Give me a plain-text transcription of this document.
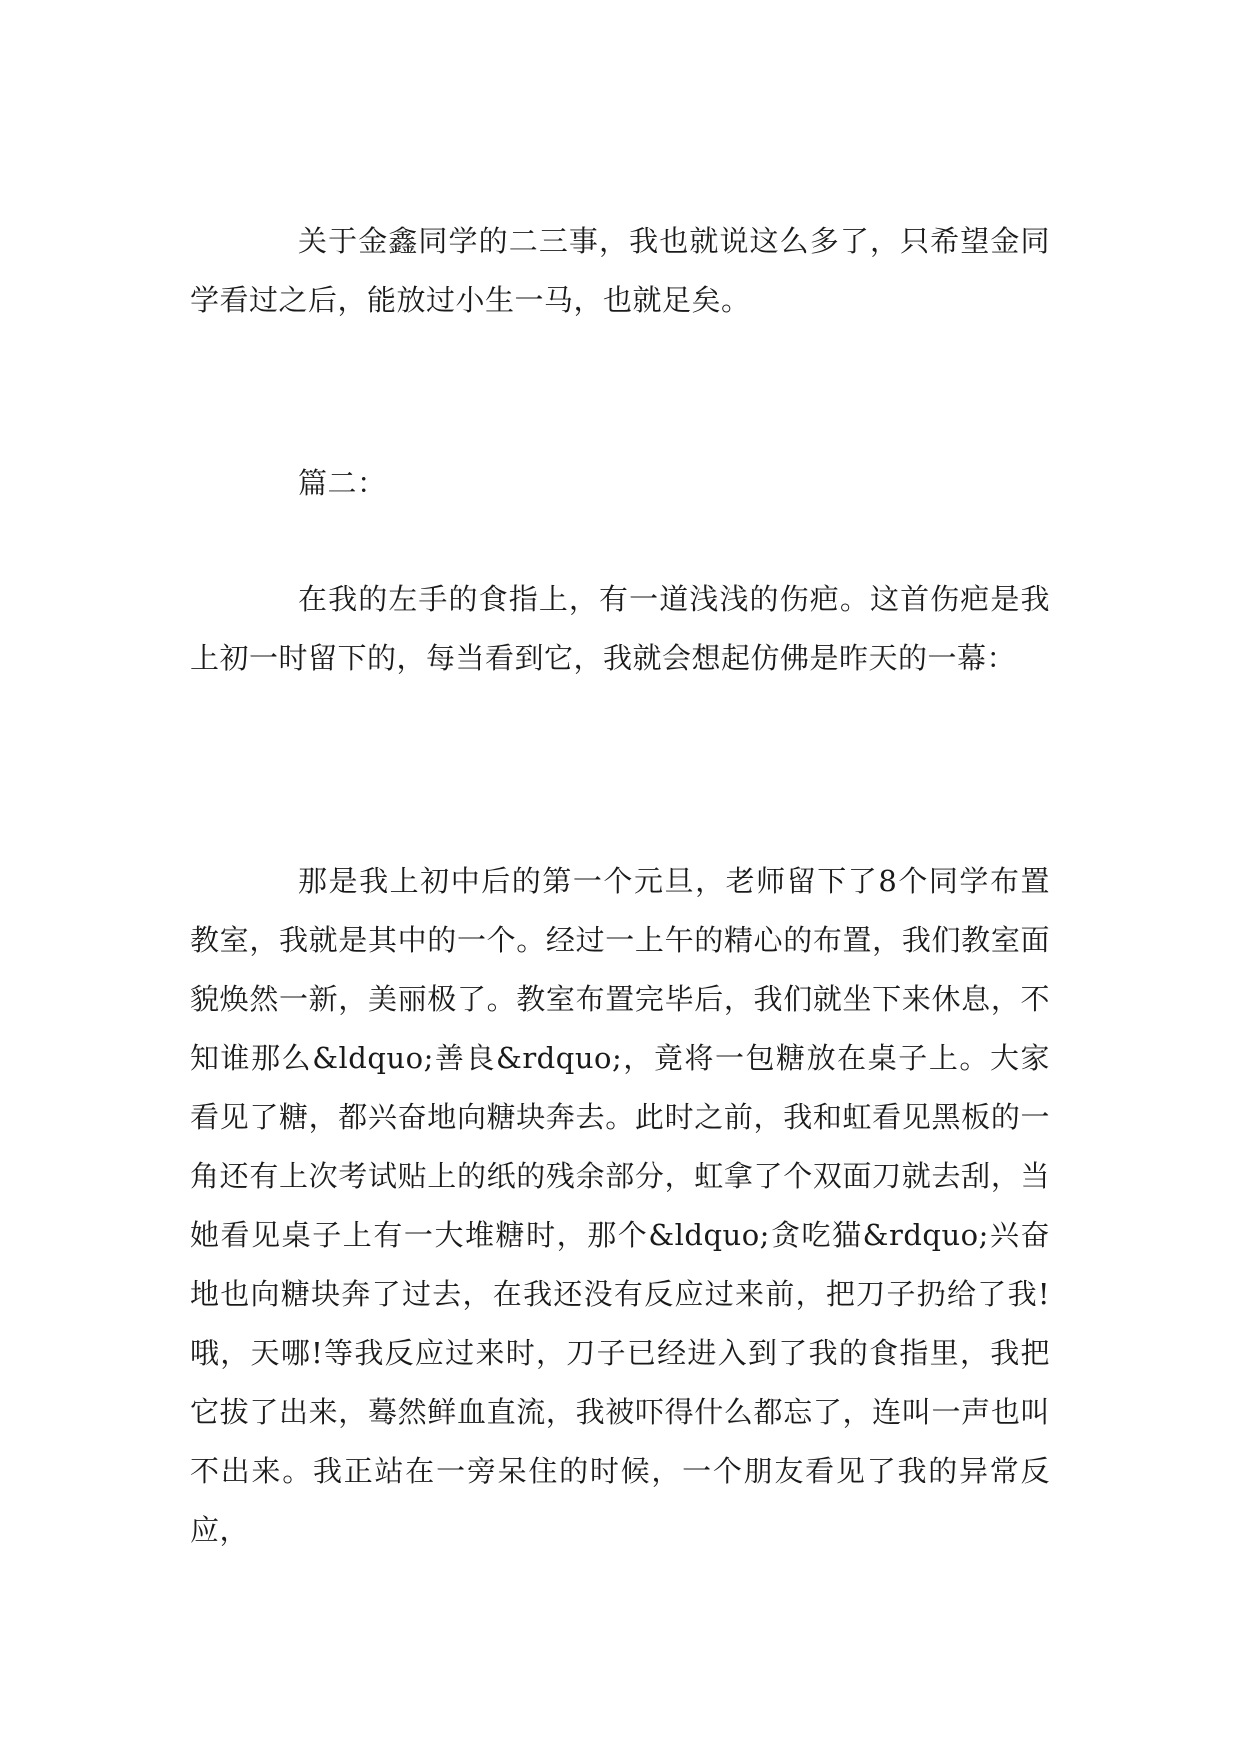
关于金鑫同学的二三事，我也就说这么多了，只希望金同学看过之后，能放过小生一马，也就足矣。

篇二：

在我的左手的食指上，有一道浅浅的伤疤。这首伤疤是我上初一时留下的，每当看到它，我就会想起仿佛是昨天的一幕：

那是我上初中后的第一个元旦，老师留下了8个同学布置教室，我就是其中的一个。经过一上午的精心的布置，我们教室面貌焕然一新，美丽极了。教室布置完毕后，我们就坐下来休息，不知谁那么&ldquo;善良&rdquo;，竟将一包糖放在桌子上。大家看见了糖，都兴奋地向糖块奔去。此时之前，我和虹看见黑板的一角还有上次考试贴上的纸的残余部分，虹拿了个双面刀就去刮，当她看见桌子上有一大堆糖时，那个&ldquo;贪吃猫&rdquo;兴奋地也向糖块奔了过去，在我还没有反应过来前，把刀子扔给了我!哦，天哪!等我反应过来时，刀子已经进入到了我的食指里，我把它拔了出来，蓦然鲜血直流，我被吓得什么都忘了，连叫一声也叫不出来。我正站在一旁呆住的时候，一个朋友看见了我的异常反应，
